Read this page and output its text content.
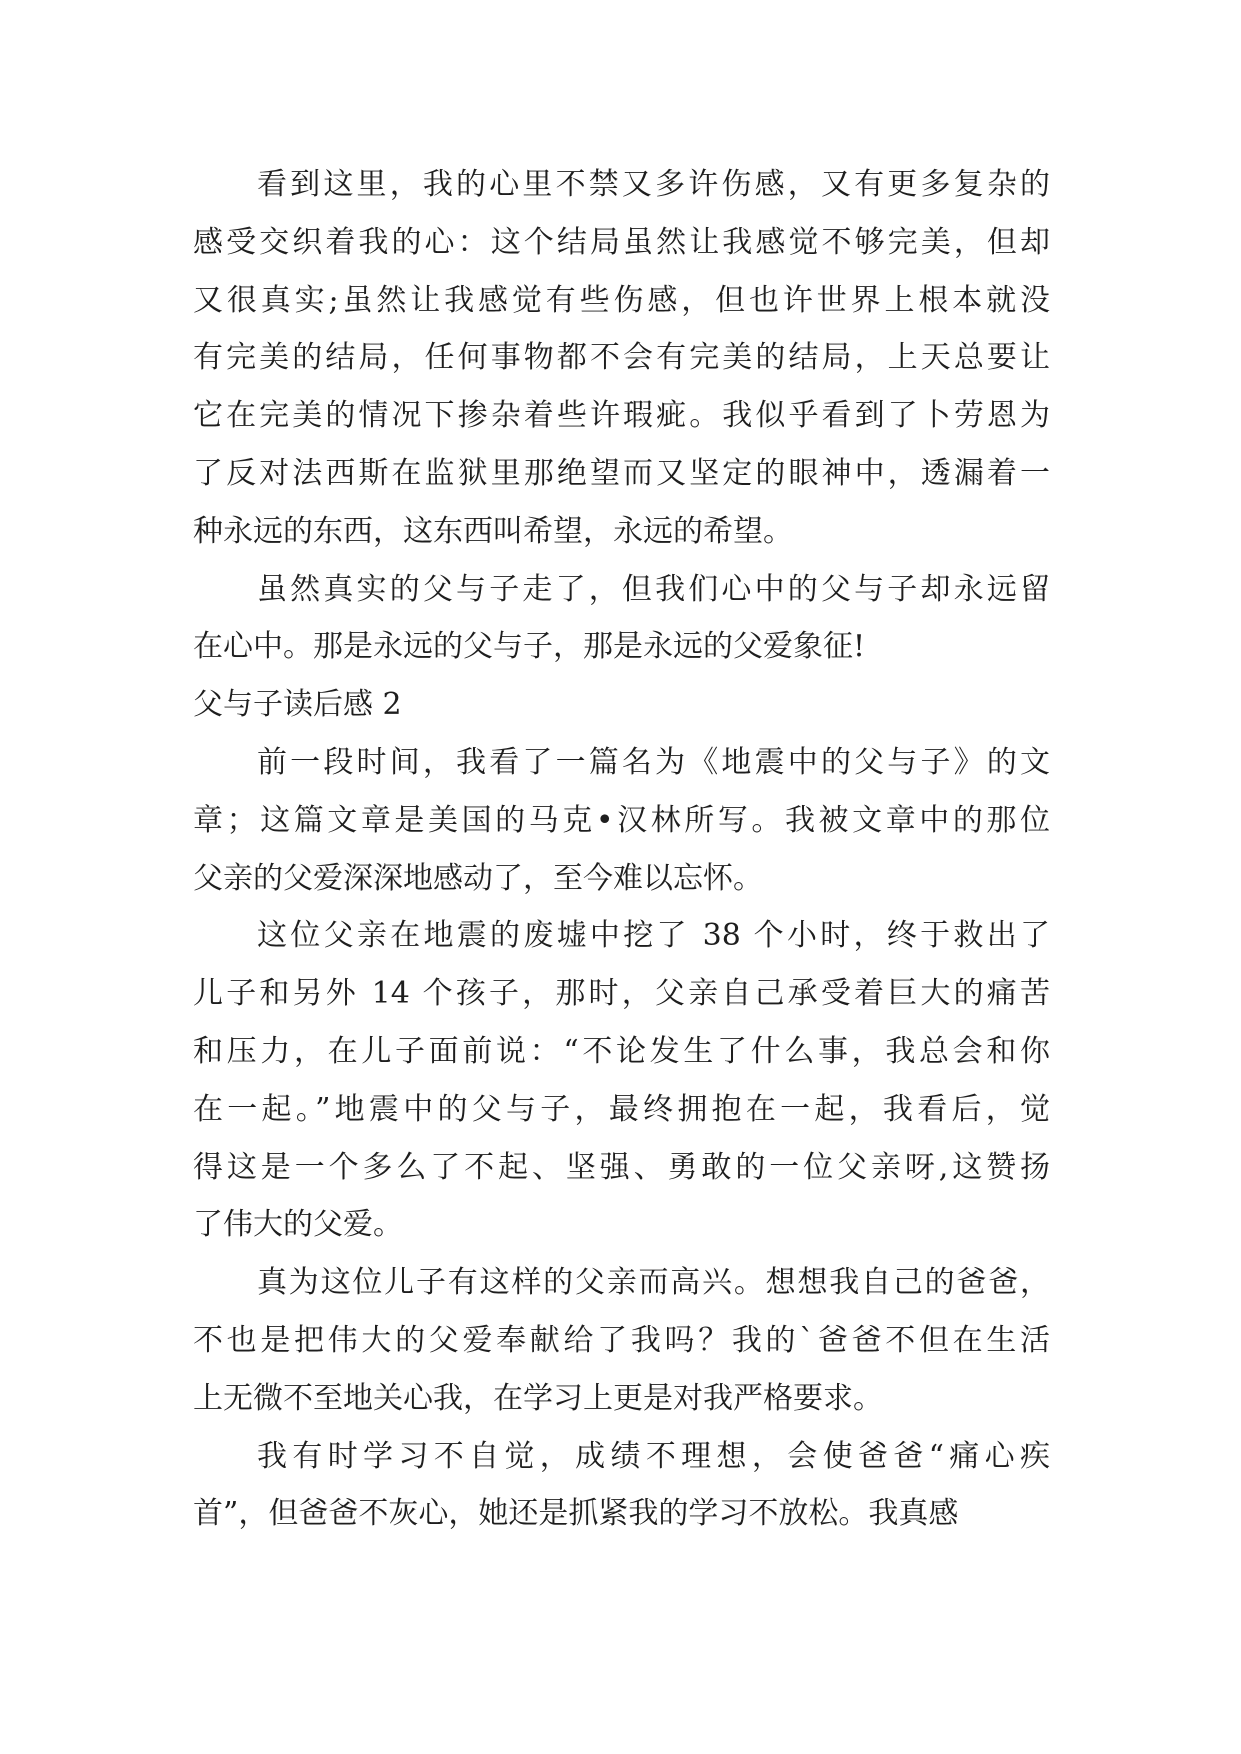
看到这里，我的心里不禁又多许伤感，又有更多复杂的
感受交织着我的心：这个结局虽然让我感觉不够完美，但却
又很真实;虽然让我感觉有些伤感，但也许世界上根本就没
有完美的结局，任何事物都不会有完美的结局，上天总要让
它在完美的情况下掺杂着些许瑕疵。我似乎看到了卜劳恩为
了反对法西斯在监狱里那绝望而又坚定的眼神中，透漏着一
种永远的东西，这东西叫希望，永远的希望。
虽然真实的父与子走了，但我们心中的父与子却永远留
在心中。那是永远的父与子，那是永远的父爱象征!
父与子读后感 2
前一段时间，我看了一篇名为《地震中的父与子》的文
章；这篇文章是美国的马克•汉林所写。我被文章中的那位
父亲的父爱深深地感动了，至今难以忘怀。
这位父亲在地震的废墟中挖了 38 个小时，终于救出了
儿子和另外 14 个孩子，那时，父亲自己承受着巨大的痛苦
和压力，在儿子面前说：“不论发生了什么事，我总会和你
在一起。”地震中的父与子，最终拥抱在一起，我看后，觉
得这是一个多么了不起、坚强、勇敢的一位父亲呀,这赞扬
了伟大的父爱。
真为这位儿子有这样的父亲而高兴。想想我自己的爸爸，
不也是把伟大的父爱奉献给了我吗？我的`爸爸不但在生活
上无微不至地关心我，在学习上更是对我严格要求。
我有时学习不自觉，成绩不理想，会使爸爸“痛心疾
首”，但爸爸不灰心，她还是抓紧我的学习不放松。我真感
